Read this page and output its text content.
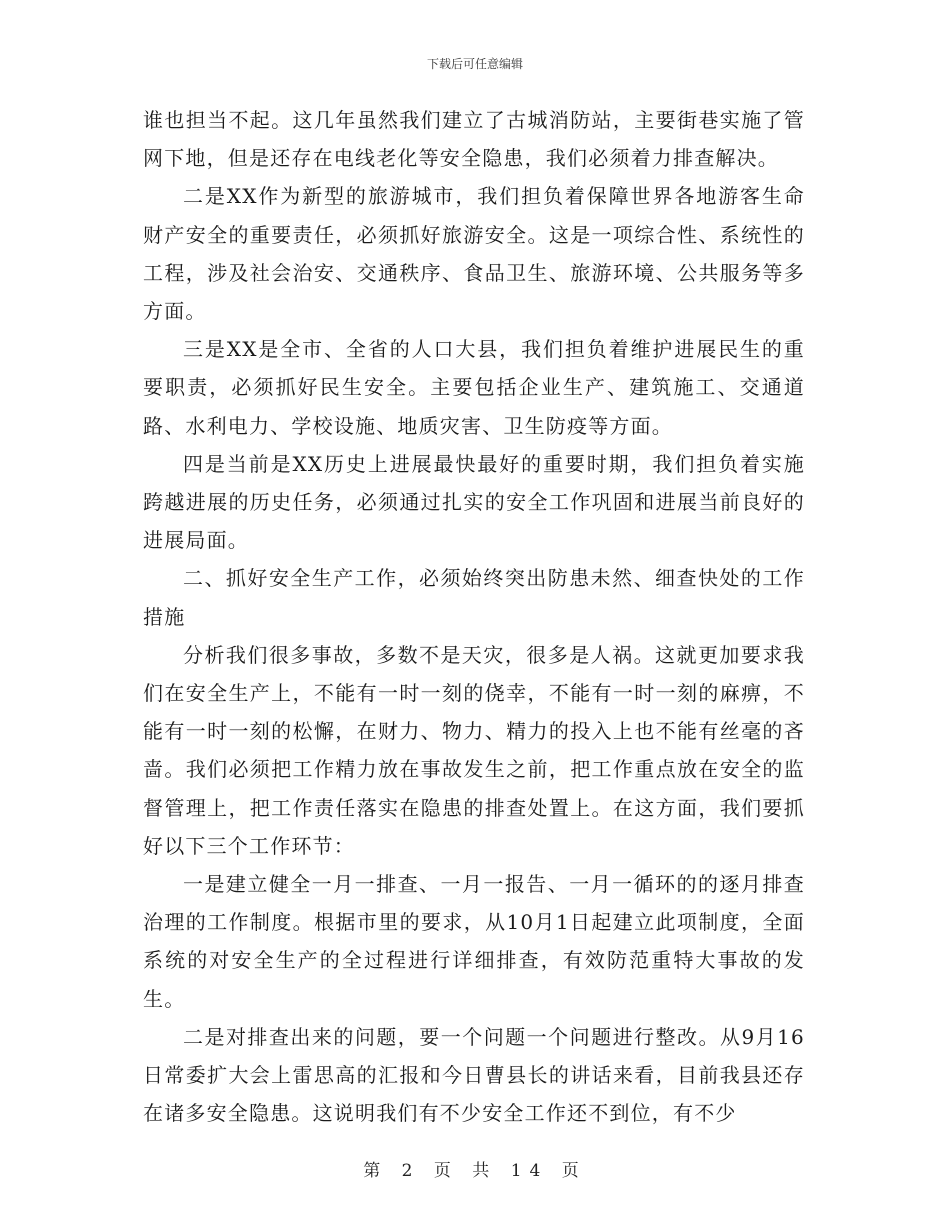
下载后可任意编辑

谁也担当不起。这几年虽然我们建立了古城消防站，主要街巷实施了管网下地，但是还存在电线老化等安全隐患，我们必须着力排查解决。

二是XX作为新型的旅游城市，我们担负着保障世界各地游客生命财产安全的重要责任，必须抓好旅游安全。这是一项综合性、系统性的工程，涉及社会治安、交通秩序、食品卫生、旅游环境、公共服务等多方面。

三是XX是全市、全省的人口大县，我们担负着维护进展民生的重要职责，必须抓好民生安全。主要包括企业生产、建筑施工、交通道路、水利电力、学校设施、地质灾害、卫生防疫等方面。

四是当前是XX历史上进展最快最好的重要时期，我们担负着实施跨越进展的历史任务，必须通过扎实的安全工作巩固和进展当前良好的进展局面。

二、抓好安全生产工作，必须始终突出防患未然、细查快处的工作措施

分析我们很多事故，多数不是天灾，很多是人祸。这就更加要求我们在安全生产上，不能有一时一刻的侥幸，不能有一时一刻的麻痹，不能有一时一刻的松懈，在财力、物力、精力的投入上也不能有丝毫的吝啬。我们必须把工作精力放在事故发生之前，把工作重点放在安全的监督管理上，把工作责任落实在隐患的排查处置上。在这方面，我们要抓好以下三个工作环节：

一是建立健全一月一排查、一月一报告、一月一循环的的逐月排查治理的工作制度。根据市里的要求，从10月1日起建立此项制度，全面系统的对安全生产的全过程进行详细排查，有效防范重特大事故的发生。

二是对排查出来的问题，要一个问题一个问题进行整改。从9月16日常委扩大会上雷思高的汇报和今日曹县长的讲话来看，目前我县还存在诸多安全隐患。这说明我们有不少安全工作还不到位，有不少

第 2 页 共 14 页
